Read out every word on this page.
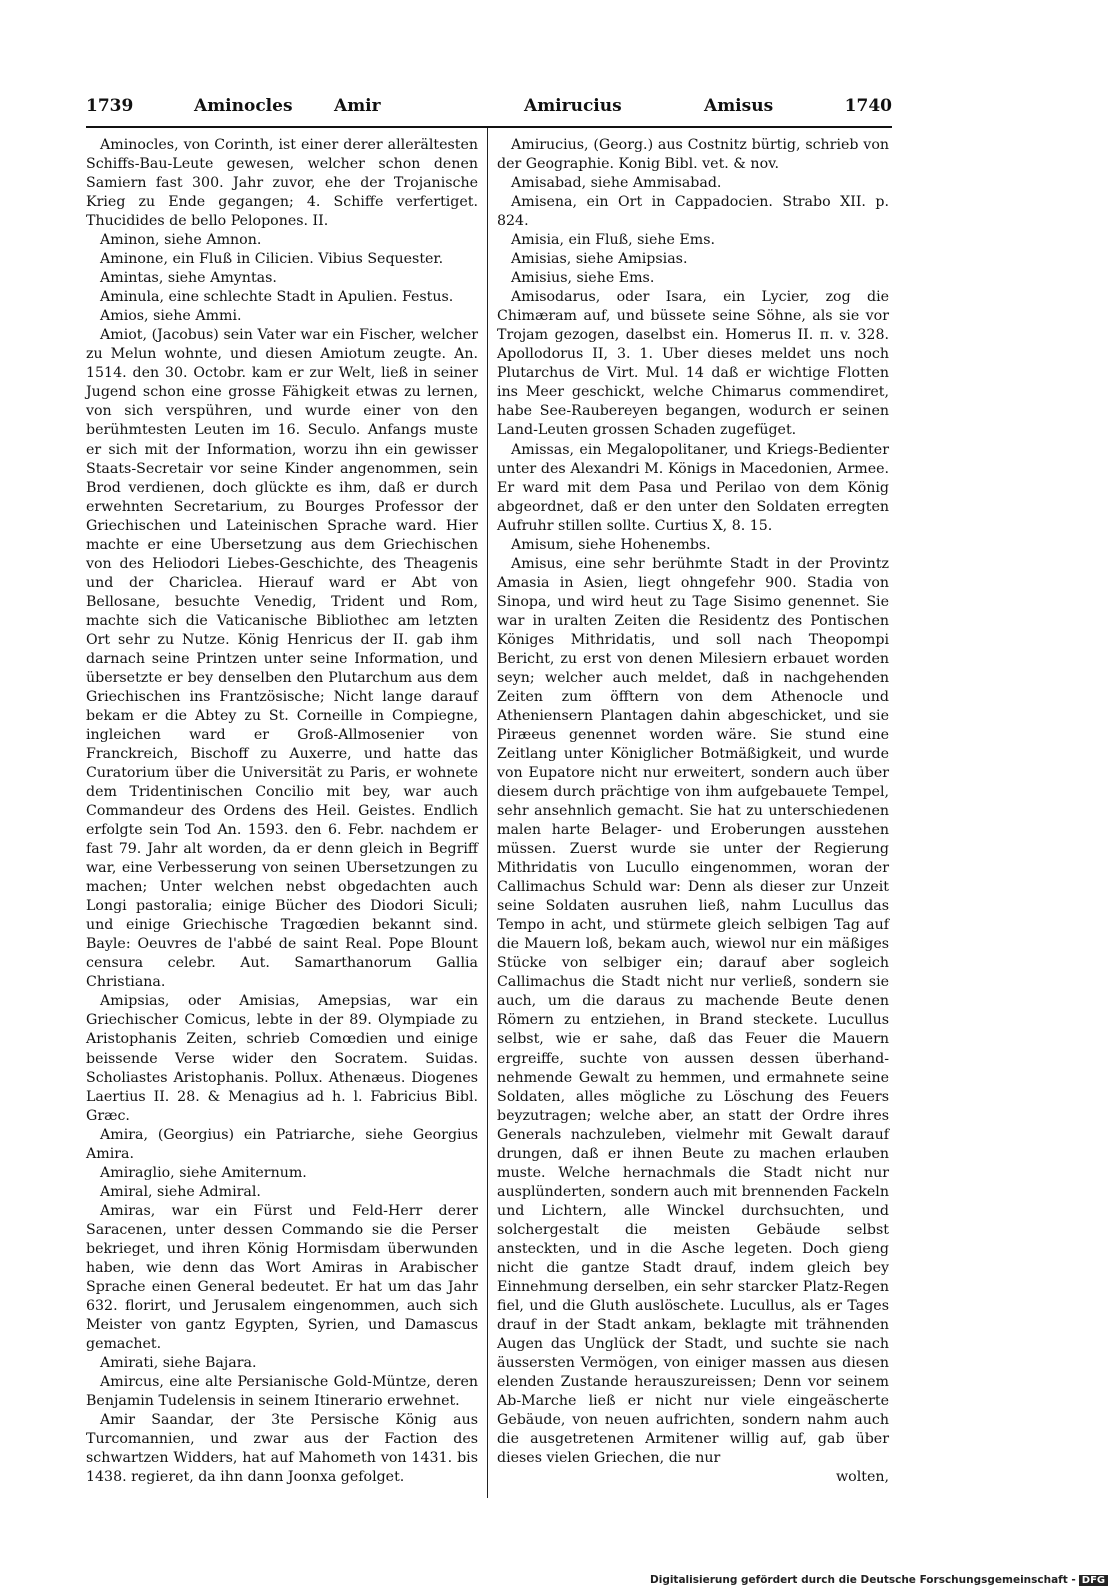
1739	Aminocles Amir	Amirucius	Amisus	1740

Aminocles, von Corinth, ist einer derer allerältesten Schiffs-Bau-Leute gewesen, welcher schon denen Samiern fast 300. Jahr zuvor, ehe der Trojanische Krieg zu Ende gegangen; 4. Schiffe verfertiget. Thucidides de bello Pelopones. II.

Aminon, siehe Amnon.

Aminone, ein Fluß in Cilicien. Vibius Sequester.

Amintas, siehe Amyntas.

Aminula, eine schlechte Stadt in Apulien. Festus.

Amios, siehe Ammi.

Amiot, (Jacobus) sein Vater war ein Fischer, welcher zu Melun wohnte, und diesen Amiotum zeugte. An. 1514. den 30. Octobr. kam er zur Welt, ließ in seiner Jugend schon eine grosse Fähigkeit etwas zu lernen, von sich verspühren, und wurde einer von den berühmtesten Leuten im 16. Seculo. Anfangs muste er sich mit der Information, worzu ihn ein gewisser Staats-Secretair vor seine Kinder angenommen, sein Brod verdienen, doch glückte es ihm, daß er durch erwehnten Secretarium, zu Bourges Professor der Griechischen und Lateinischen Sprache ward. Hier machte er eine Ubersetzung aus dem Griechischen von des Heliodori Liebes-Geschichte, des Theagenis und der Chariclea. Hierauf ward er Abt von Bellosane, besuchte Venedig, Trident und Rom, machte sich die Vaticanische Bibliothec am letzten Ort sehr zu Nutze. König Henricus der II. gab ihm darnach seine Printzen unter seine Information, und übersetzte er bey denselben den Plutarchum aus dem Griechischen ins Frantzösische; Nicht lange darauf bekam er die Abtey zu St. Corneille in Compiegne, ingleichen ward er Groß-Allmosenier von Franckreich, Bischoff zu Auxerre, und hatte das Curatorium über die Universität zu Paris, er wohnete dem Tridentinischen Concilio mit bey, war auch Commandeur des Ordens des Heil. Geistes. Endlich erfolgte sein Tod An. 1593. den 6. Febr. nachdem er fast 79. Jahr alt worden, da er denn gleich in Begriff war, eine Verbesserung von seinen Ubersetzungen zu machen; Unter welchen nebst obgedachten auch Longi pastoralia; einige Bücher des Diodori Siculi; und einige Griechische Tragœdien bekannt sind. Bayle: Oeuvres de l'abbé de saint Real. Pope Blount censura celebr. Aut. Samarthanorum Gallia Christiana.

Amipsias, oder Amisias, Amepsias, war ein Griechischer Comicus, lebte in der 89. Olympiade zu Aristophanis Zeiten, schrieb Comœdien und einige beissende Verse wider den Socratem. Suidas. Scholiastes Aristophanis. Pollux. Athenæus. Diogenes Laertius II. 28. & Menagius ad h. l. Fabricius Bibl. Græc.

Amira, (Georgius) ein Patriarche, siehe Georgius Amira.

Amiraglio, siehe Amiternum.

Amiral, siehe Admiral.

Amiras, war ein Fürst und Feld-Herr derer Saracenen, unter dessen Commando sie die Perser bekrieget, und ihren König Hormisdam überwunden haben, wie denn das Wort Amiras in Arabischer Sprache einen General bedeutet. Er hat um das Jahr 632. florirt, und Jerusalem eingenommen, auch sich Meister von gantz Egypten, Syrien, und Damascus gemachet.

Amirati, siehe Bajara.

Amircus, eine alte Persianische Gold-Müntze, deren Benjamin Tudelensis in seinem Itinerario erwehnet.

Amir Saandar, der 3te Persische König aus Turcomannien, und zwar aus der Faction des schwartzen Widders, hat auf Mahometh von 1431. bis 1438. regieret, da ihn dann Joonxa gefolget.

Amirucius, (Georg.) aus Costnitz bürtig, schrieb von der Geographie. Konig Bibl. vet. & nov.

Amisabad, siehe Ammisabad.

Amisena, ein Ort in Cappadocien. Strabo XII. p. 824.

Amisia, ein Fluß, siehe Ems.

Amisias, siehe Amipsias.

Amisius, siehe Ems.

Amisodarus, oder Isara, ein Lycier, zog die Chimæram auf, und büssete seine Söhne, als sie vor Trojam gezogen, daselbst ein. Homerus II. π. v. 328. Apollodorus II, 3. 1. Uber dieses meldet uns noch Plutarchus de Virt. Mul. 14 daß er wichtige Flotten ins Meer geschickt, welche Chimarus commendiret, habe See-Raubereyen begangen, wodurch er seinen Land-Leuten grossen Schaden zugefüget.

Amissas, ein Megalopolitaner, und Kriegs-Bedienter unter des Alexandri M. Königs in Macedonien, Armee. Er ward mit dem Pasa und Perilao von dem König abgeordnet, daß er den unter den Soldaten erregten Aufruhr stillen sollte. Curtius X, 8. 15.

Amisum, siehe Hohenembs.

Amisus, eine sehr berühmte Stadt in der Provintz Amasia in Asien, liegt ohngefehr 900. Stadia von Sinopa, und wird heut zu Tage Sisimo genennet. Sie war in uralten Zeiten die Residentz des Pontischen Königes Mithridatis, und soll nach Theopompi Bericht, zu erst von denen Milesiern erbauet worden seyn; welcher auch meldet, daß in nachgehenden Zeiten zum öfftern von dem Athenocle und Atheniensern Plantagen dahin abgeschicket, und sie Piræeus genennet worden wäre. Sie stund eine Zeitlang unter Königlicher Botmäßigkeit, und wurde von Eupatore nicht nur erweitert, sondern auch über diesem durch prächtige von ihm aufgebauete Tempel, sehr ansehnlich gemacht. Sie hat zu unterschiedenen malen harte Belager- und Eroberungen ausstehen müssen. Zuerst wurde sie unter der Regierung Mithridatis von Lucullo eingenommen, woran der Callimachus Schuld war: Denn als dieser zur Unzeit seine Soldaten ausruhen ließ, nahm Lucullus das Tempo in acht, und stürmete gleich selbigen Tag auf die Mauern loß, bekam auch, wiewol nur ein mäßiges Stücke von selbiger ein; darauf aber sogleich Callimachus die Stadt nicht nur verließ, sondern sie auch, um die daraus zu machende Beute denen Römern zu entziehen, in Brand steckete. Lucullus selbst, wie er sahe, daß das Feuer die Mauern ergreiffe, suchte von aussen dessen überhand-nehmende Gewalt zu hemmen, und ermahnete seine Soldaten, alles mögliche zu Löschung des Feuers beyzutragen; welche aber, an statt der Ordre ihres Generals nachzuleben, vielmehr mit Gewalt darauf drungen, daß er ihnen Beute zu machen erlauben muste. Welche hernachmals die Stadt nicht nur ausplünderten, sondern auch mit brennenden Fackeln und Lichtern, alle Winckel durchsuchten, und solchergestalt die meisten Gebäude selbst ansteckten, und in die Asche legeten. Doch gieng nicht die gantze Stadt drauf, indem gleich bey Einnehmung derselben, ein sehr starcker Platz-Regen fiel, und die Gluth auslöschete. Lucullus, als er Tages drauf in der Stadt ankam, beklagte mit trähnenden Augen das Unglück der Stadt, und suchte sie nach äussersten Vermögen, von einiger massen aus diesen elenden Zustande herauszureissen; Denn vor seinem Ab-Marche ließ er nicht nur viele eingeäscherte Gebäude, von neuen aufrichten, sondern nahm auch die ausgetretenen Armitener willig auf, gab über dieses vielen Griechen, die nur

wolten,

Digitalisierung gefördert durch die Deutsche Forschungsgemeinschaft - DFG
